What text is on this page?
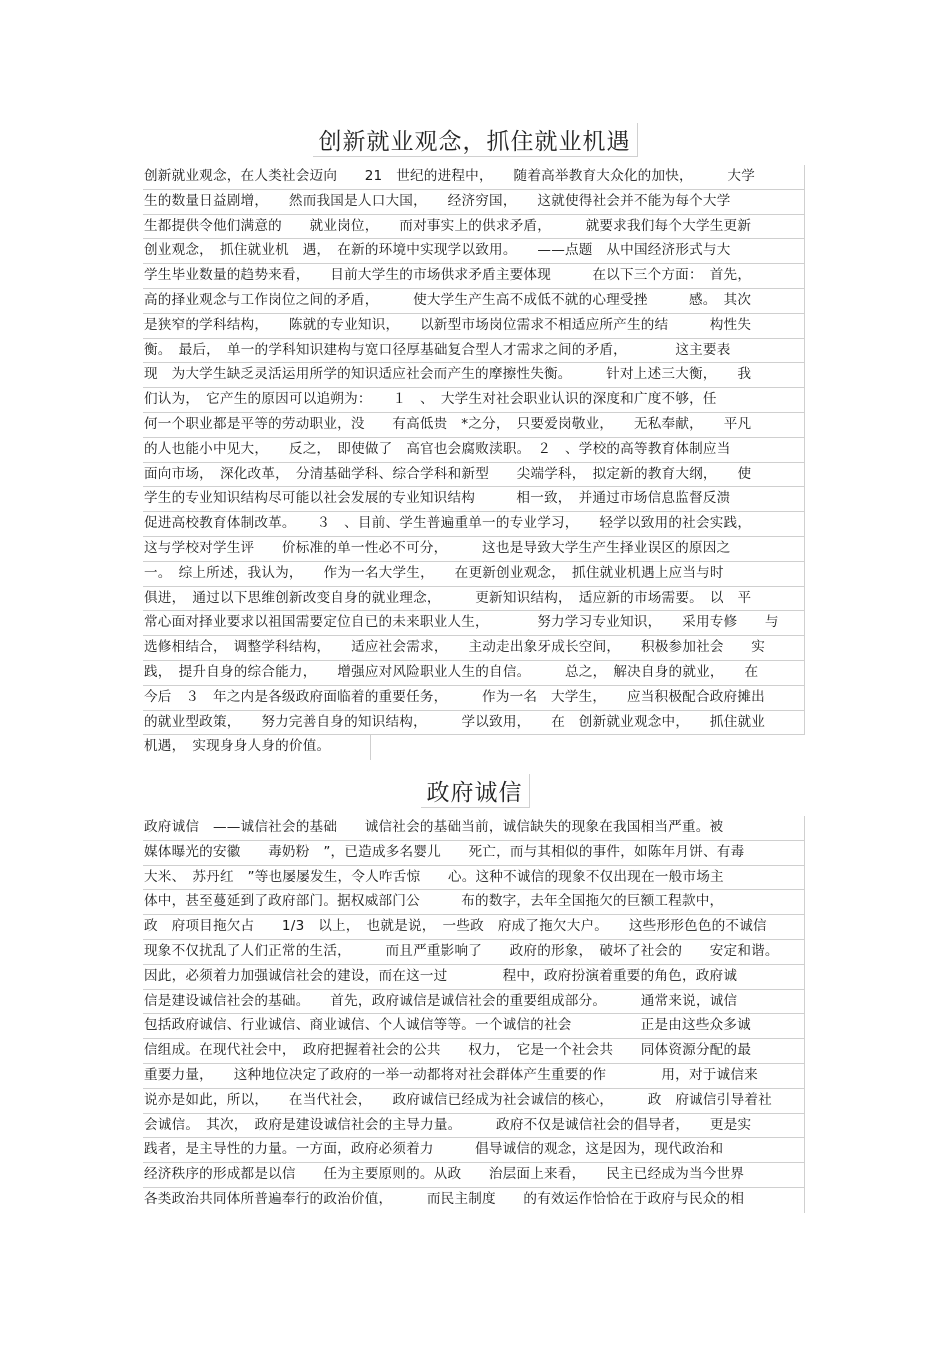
创新就业观念，抓住就业机遇
创新就业观念，在人类社会迈向　　21　世纪的进程中，　　随着高举教育大众化的加快，　　　大学
生的数量日益剧增，　　然而我国是人口大国，　　经济穷国，　　这就使得社会并不能为每个大学
生都提供令他们满意的　　就业岗位，　　而对事实上的供求矛盾，　　　就要求我们每个大学生更新
创业观念，　抓住就业机　遇，　在新的环境中实现学以致用。　　——点题　从中国经济形式与大
学生毕业数量的趋势来看，　　目前大学生的市场供求矛盾主要体现　　　在以下三个方面：　首先，
高的择业观念与工作岗位之间的矛盾，　　　使大学生产生高不成低不就的心理受挫　　　感。　其次
是狭窄的学科结构，　　陈就的专业知识，　　以新型市场岗位需求不相适应所产生的结　　　构性失
衡。　最后，　单一的学科知识建构与宽口径厚基础复合型人才需求之间的矛盾，　　　　这主要表
现　为大学生缺乏灵活运用所学的知识适应社会而产生的摩擦性失衡。　　　针对上述三大衡，　　我
们认为，　它产生的原因可以追朔为：　　１　、　大学生对社会职业认识的深度和广度不够，任
何一个职业都是平等的劳动职业，没　　有高低贵　*之分，　只要爱岗敬业，　　无私奉献，　　平凡
的人也能小中见大，　　反之，　即使做了　高官也会腐败渎职。　２　、学校的高等教育体制应当
面向市场，　深化改革，　分清基础学科、综合学科和新型　　尖端学科，　拟定新的教育大纲，　　使
学生的专业知识结构尽可能以社会发展的专业知识结构　　　相一致，　并通过市场信息监督反溃
促进高校教育体制改革。　　３　、目前、学生普遍重单一的专业学习，　　轻学以致用的社会实践，
这与学校对学生评　　价标准的单一性必不可分，　　　这也是导致大学生产生择业误区的原因之
一。　综上所述，我认为，　　作为一名大学生，　　在更新创业观念，　抓住就业机遇上应当与时
俱进，　通过以下思维创新改变自身的就业理念，　　　更新知识结构，　适应新的市场需要。　以　平
常心面对择业要求以祖国需要定位自已的未来职业人生，　　　　努力学习专业知识，　　采用专修　　与
选修相结合，　调整学科结构，　　适应社会需求，　　主动走出象牙成长空间，　　积极参加社会　　实
践，　提升自身的综合能力，　　增强应对风险职业人生的自信。　　　总之，　解决自身的就业，　　在
今后　３　年之内是各级政府面临着的重要任务，　　　作为一名　大学生，　　应当积极配合政府摊出
的就业型政策，　　努力完善自身的知识结构，　　　学以致用，　　在　创新就业观念中，　　抓住就业
机遇，　实现身身人身的价值。
政府诚信
政府诚信　——诚信社会的基础　　诚信社会的基础当前，诚信缺失的现象在我国相当严重。被
媒体曝光的安徽　　毒奶粉　”，已造成多名婴儿　　死亡，而与其相似的事件，如陈年月饼、有毒
大米、　苏丹红　”等也屡屡发生，令人咋舌惊　　心。这种不诚信的现象不仅出现在一般市场主
体中，甚至蔓延到了政府部门。据权威部门公　　　布的数字，去年全国拖欠的巨额工程款中，
政　府项目拖欠占　　1/3　以上，　也就是说，　一些政　府成了拖欠大户。　　这些形形色色的不诚信
现象不仅扰乱了人们正常的生活，　　　而且严重影响了　　政府的形象，　破坏了社会的　　安定和谐。
因此，必须着力加强诚信社会的建设，而在这一过　　　　程中，政府扮演着重要的角色，政府诚
信是建设诚信社会的基础。　　首先，政府诚信是诚信社会的重要组成部分。　　　通常来说，诚信
包括政府诚信、行业诚信、商业诚信、个人诚信等等。一个诚信的社会　　　　　正是由这些众多诚
信组成。在现代社会中，　政府把握着社会的公共　　权力，　它是一个社会共　　同体资源分配的最
重要力量，　　这种地位决定了政府的一举一动都将对社会群体产生重要的作　　　　用，对于诚信来
说亦是如此，所以，　　在当代社会，　　政府诚信已经成为社会诚信的核心，　　　政　府诚信引导着社
会诚信。　其次，　政府是建设诚信社会的主导力量。　　　政府不仅是诚信社会的倡导者，　　更是实
践者，是主导性的力量。一方面，政府必须着力　　　倡导诚信的观念，这是因为，现代政治和
经济秩序的形成都是以信　　任为主要原则的。从政　　治层面上来看，　　民主已经成为当今世界
各类政治共同体所普遍奉行的政治价值，　　　而民主制度　　的有效运作恰恰在于政府与民众的相
